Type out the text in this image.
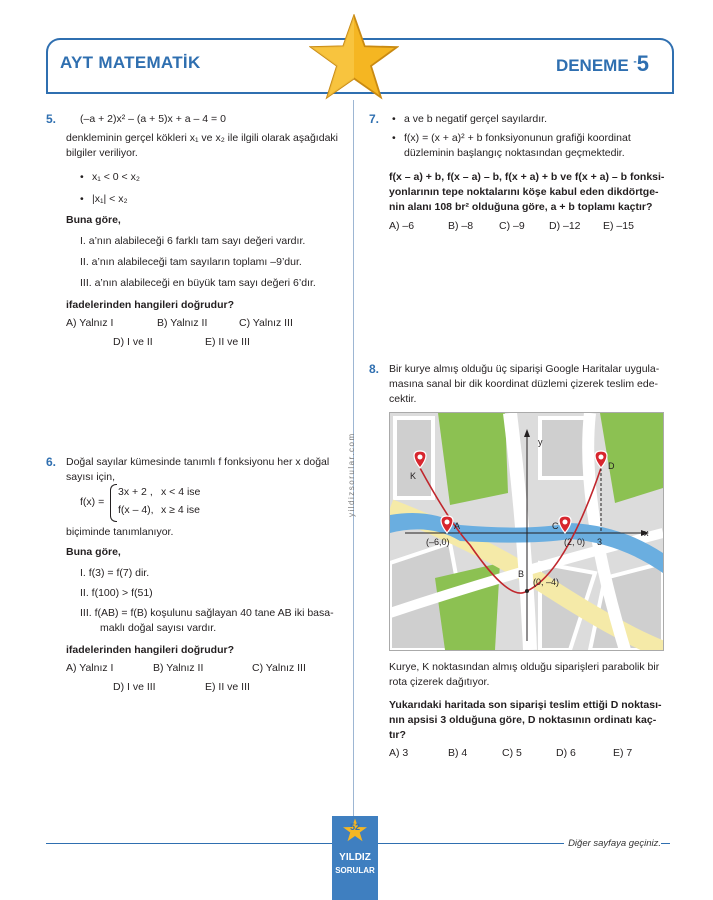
AYT MATEMATİK	DENEME -5
yildizsorular.com
5. (–a + 2)x² – (a + 5)x + a – 4 = 0
denkleminin gerçel kökleri x₁ ve x₂ ile ilgili olarak aşağıdaki
bilgiler veriliyor.
• x₁ < 0 < x₂
• |x₁| < x₂
Buna göre,
I. a’nın alabileceği 6 farklı tam sayı değeri vardır.
II. a’nın alabileceği tam sayıların toplamı –9’dur.
III. a’nın alabileceği en büyük tam sayı değeri 6’dır.
ifadelerinden hangileri doğrudur?
A) Yalnız I	B) Yalnız II	C) Yalnız III
D) I ve II	E) II ve III
6. Doğal sayılar kümesinde tanımlı f fonksiyonu her x doğal
sayısı için,
f(x) =
3x + 2 , x < 4 ise
f(x – 4), x ≥ 4 ise
biçiminde tanımlanıyor.
Buna göre,
I. f(3) = f(7) dir.
II. f(100) > f(51)
III. f(AB) = f(B) koşulunu sağlayan 40 tane AB iki basa-
maklı doğal sayısı vardır.
ifadelerinden hangileri doğrudur?
A) Yalnız I	B) Yalnız II	C) Yalnız III
D) I ve III	E) II ve III
7.
• a ve b negatif gerçel sayılardır.
• f(x) = (x + a)² + b fonksiyonunun grafiği koordinat
düzleminin başlangıç noktasından geçmektedir.
f(x – a) + b, f(x – a) – b, f(x + a) + b ve f(x + a) – b fonksi-
yonlarının tepe noktalarını köşe kabul eden dikdörtge-
nin alanı 108 br² olduğuna göre, a + b toplamı kaçtır?
A) –6	B) –8 C) –9 D) –12 E) –15
8. Bir kurye almış olduğu üç siparişi Google Haritalar uygula-
masına sanal bir dik koordinat düzlemi çizerek teslim ede-
cektir.
y
x
K
A	C
D
B
(–6,0)	(2, 0) 3
(0, –4)
Kurye, K noktasından almış olduğu siparişleri parabolik bir
rota çizerek dağıtıyor.
Yukarıdaki haritada son siparişi teslim ettiği D noktası-
nın apsisi 3 olduğuna göre, D noktasının ordinatı kaç-
tır?
A) 3	B) 4	C) 5	D) 6	E) 7
Diğer sayfaya geçiniz.
52
YILDIZ
SORULAR
